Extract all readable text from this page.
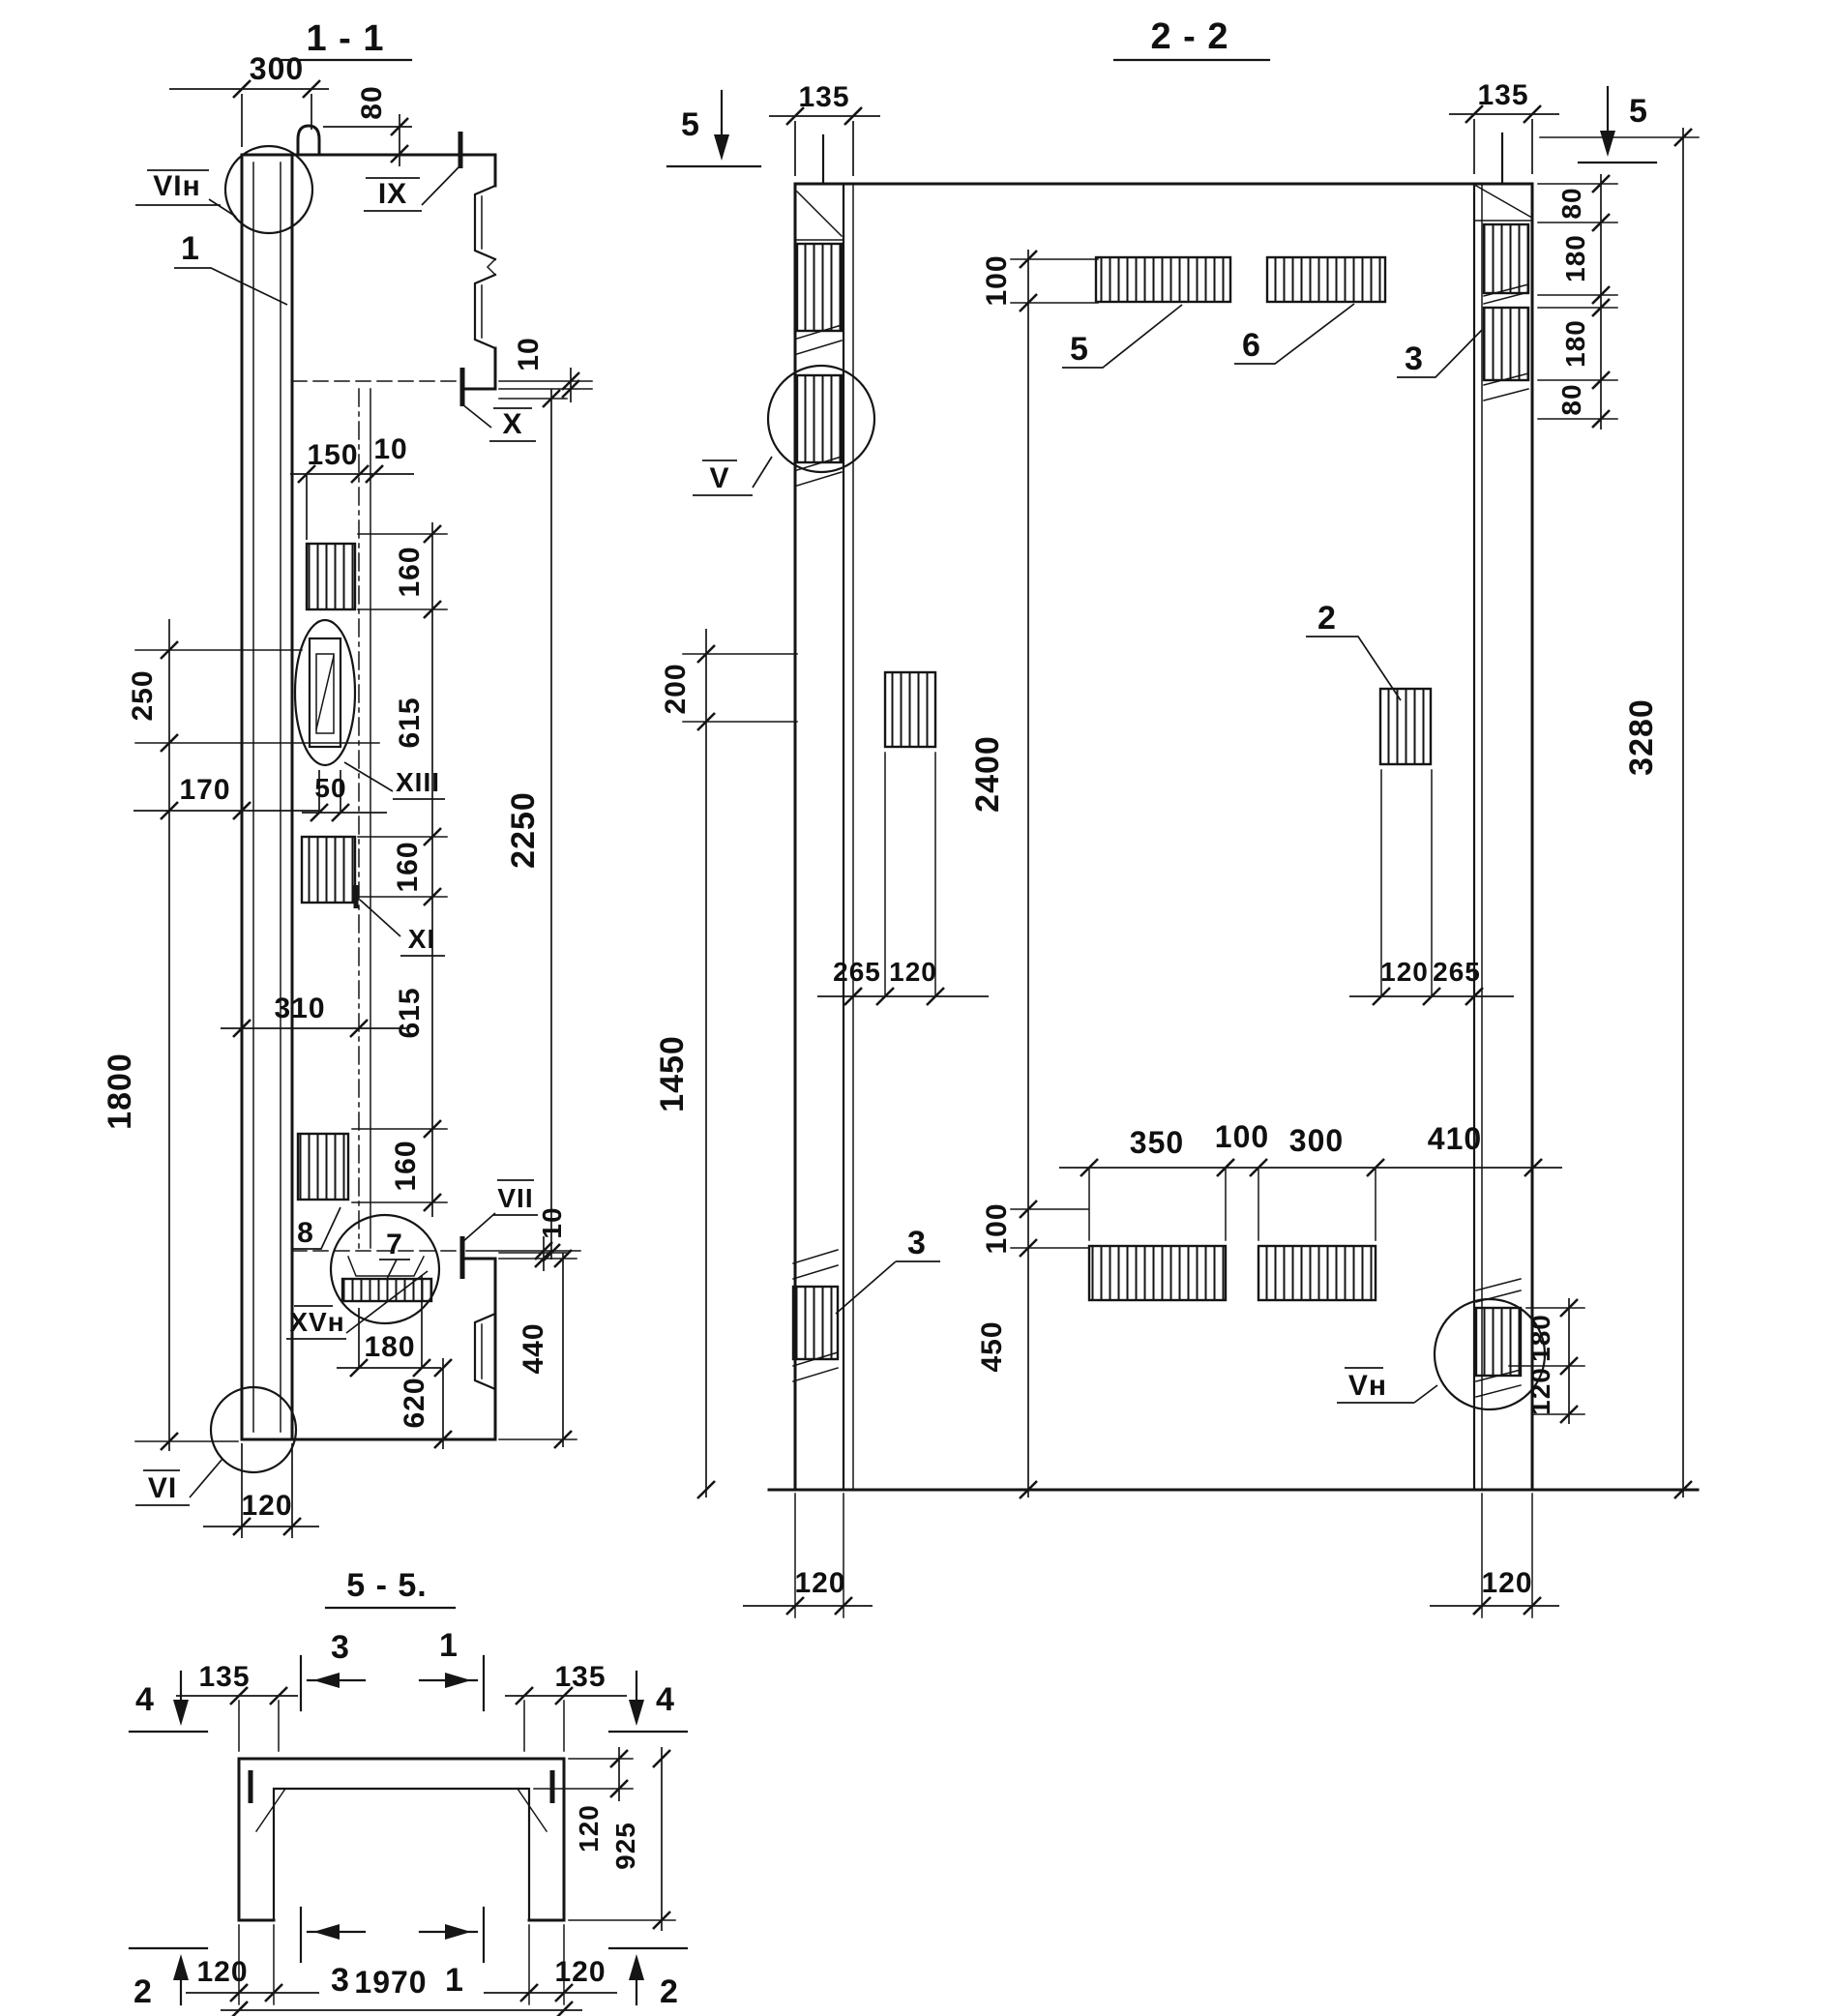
1 - 1
300
80
VIн
1
IX
X
10
150 10
160
615
160
615
160
XI
2250
250
1800
170	50 XIII
310
8 7
VII
XVн
180
620
440
10
VI
120
2 - 2
V
Vн
5	5
135	135
3280
80
180
180
80
100
2400
100
450
200
1450
265 120	120 265
350 100 300	410
5	6	3
2
3
180
120
120	120
5 - 5.
3	1
4	4
135	135
120 925
120	120
3	1
2	2
1970
